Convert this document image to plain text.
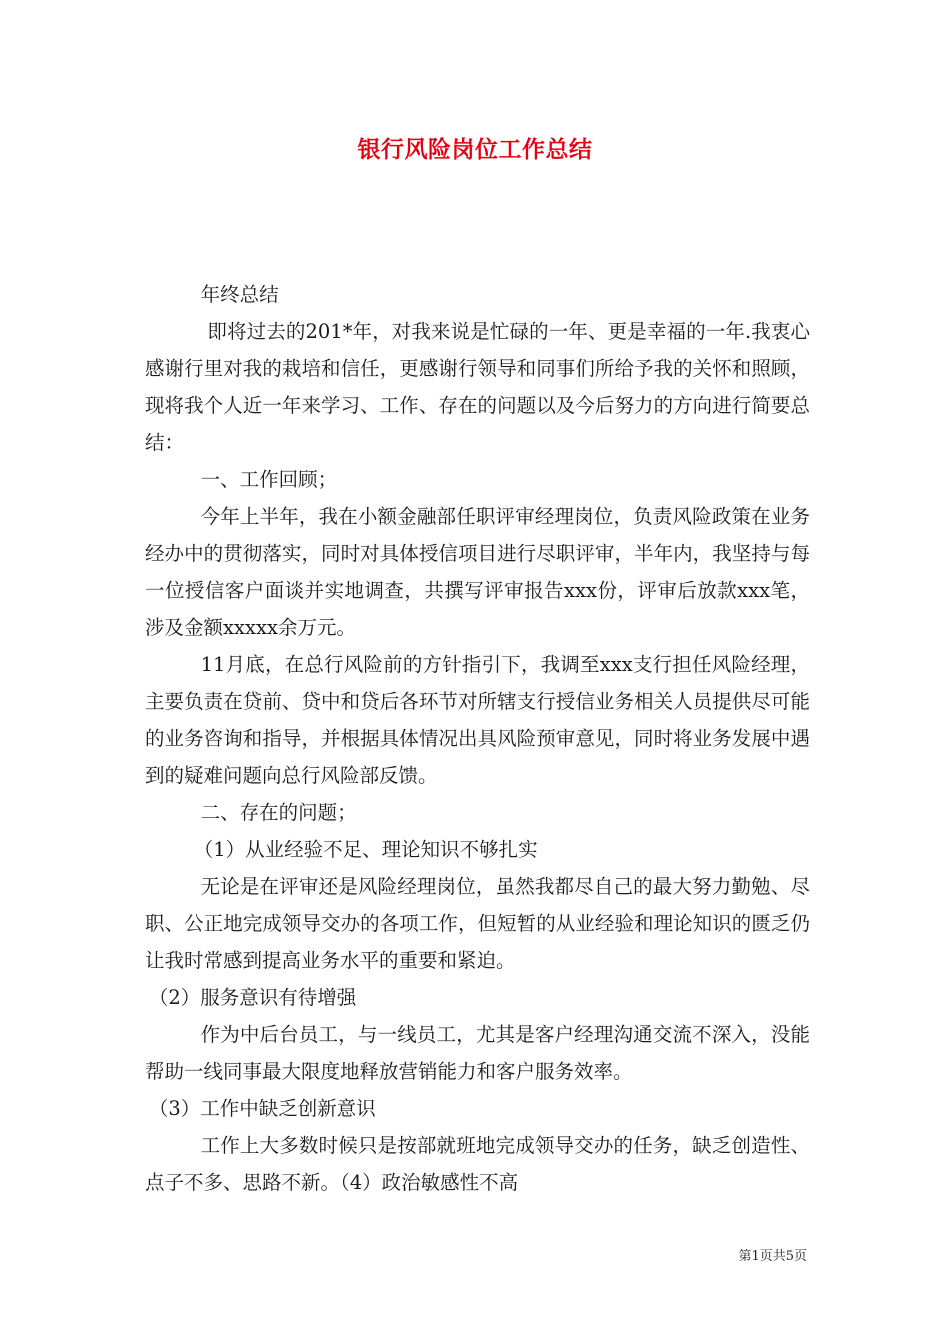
银行风险岗位工作总结

年终总结

即将过去的201*年，对我来说是忙碌的一年、更是幸福的一年.我衷心感谢行里对我的栽培和信任，更感谢行领导和同事们所给予我的关怀和照顾，现将我个人近一年来学习、工作、存在的问题以及今后努力的方向进行简要总结：

一、工作回顾；

今年上半年，我在小额金融部任职评审经理岗位，负责风险政策在业务经办中的贯彻落实，同时对具体授信项目进行尽职评审，半年内，我坚持与每一位授信客户面谈并实地调查，共撰写评审报告xxx份，评审后放款xxx笔，涉及金额xxxxx余万元。

11月底，在总行风险前的方针指引下，我调至xxx支行担任风险经理，主要负责在贷前、贷中和贷后各环节对所辖支行授信业务相关人员提供尽可能的业务咨询和指导，并根据具体情况出具风险预审意见，同时将业务发展中遇到的疑难问题向总行风险部反馈。

二、存在的问题；

（1）从业经验不足、理论知识不够扎实

无论是在评审还是风险经理岗位，虽然我都尽自己的最大努力勤勉、尽职、公正地完成领导交办的各项工作，但短暂的从业经验和理论知识的匮乏仍让我时常感到提高业务水平的重要和紧迫。

（2）服务意识有待增强

作为中后台员工，与一线员工，尤其是客户经理沟通交流不深入，没能帮助一线同事最大限度地释放营销能力和客户服务效率。

（3）工作中缺乏创新意识

工作上大多数时候只是按部就班地完成领导交办的任务，缺乏创造性、点子不多、思路不新。（4）政治敏感性不高

第1页共5页
